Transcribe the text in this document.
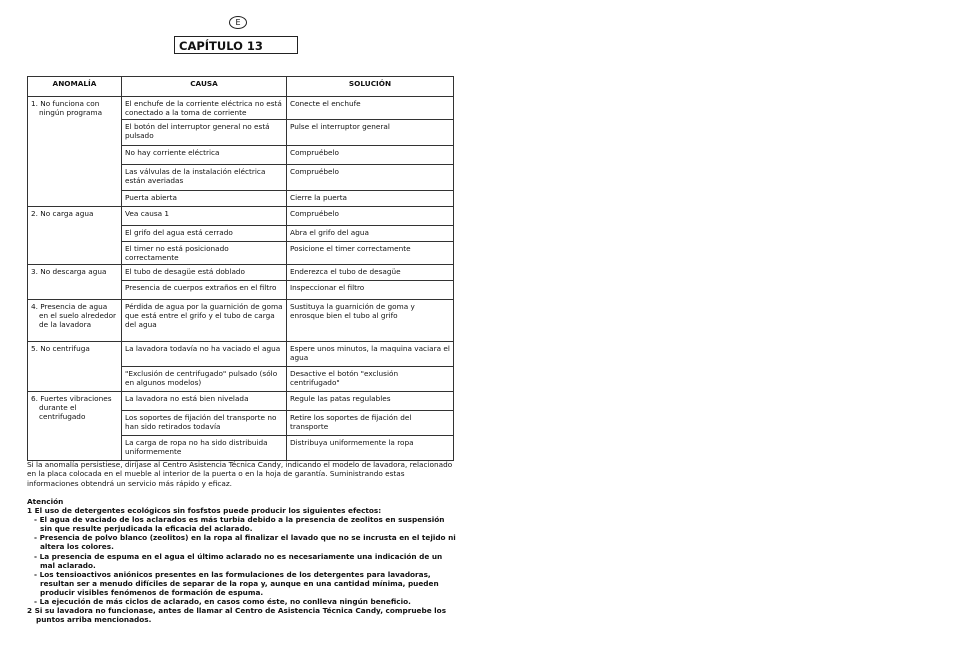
E
CAPÍTULO 13
ANOMALÍA	CAUSA	SOLUCIÓN

1. No funciona con ningún programa	El enchufe de la corriente eléctrica no está conectado a la toma de corriente	Conecte el enchufe
	El botón del interruptor general no está pulsado	Pulse el interruptor general
	No hay corriente eléctrica	Compruébelo
	Las válvulas de la instalación eléctrica están averiadas	Compruébelo
	Puerta abierta	Cierre la puerta

2. No carga agua	Vea causa 1	Compruébelo
	El grifo del agua está cerrado	Abra el grifo del agua
	El timer no está posicionado correctamente	Posicione el timer correctamente

3. No descarga agua	El tubo de desagüe está doblado	Enderezca el tubo de desagüe
	Presencia de cuerpos extraños en el filtro	Inspeccionar el filtro

4. Presencia de agua en el suelo alrededor de la lavadora	Pérdida de agua por la guarnición de goma que está entre el grifo y el tubo de carga del agua	Sustituya la guarnición de goma y enrosque bien el tubo al grifo

5. No centrifuga	La lavadora todavía no ha vaciado el agua	Espere unos minutos, la maquina vaciara el agua
	"Exclusión de centrifugado" pulsado (sólo en algunos modelos)	Desactive el botón "exclusión centrifugado"

6. Fuertes vibraciones durante el centrifugado	La lavadora no está bien nivelada	Regule las patas regulables
	Los soportes de fijación del transporte no han sido retirados todavía	Retire los soportes de fijación del transporte
	La carga de ropa no ha sido distribuida uniformemente	Distribuya uniformemente la ropa

Si la anomalía persistiese, diríjase al Centro Asistencia Técnica Candy, indicando el modelo de lavadora, relacionado en la placa colocada en el mueble al interior de la puerta o en la hoja de garantía. Suministrando estas informaciones obtendrá un servicio más rápido y eficaz.

Atención
1 El uso de detergentes ecológicos sin fosfstos puede producir los siguientes efectos:
- El agua de vaciado de los aclarados es más turbia debido a la presencia de zeolitos en suspensión sin que resulte perjudicada la eficacia del aclarado.
- Presencia de polvo blanco (zeolitos) en la ropa al finalizar el lavado que no se incrusta en el tejido ni altera los colores.
- La presencia de espuma en el agua el último aclarado no es necesariamente una indicación de un mal aclarado.
- Los tensioactivos aniónicos presentes en las formulaciones de los detergentes para lavadoras, resultan ser a menudo difíciles de separar de la ropa y, aunque en una cantidad mínima, pueden producir visibles fenómenos de formación de espuma.
- La ejecución de más ciclos de aclarado, en casos como éste, no conlleva ningún beneficio.
2 Si su lavadora no funcionase, antes de llamar al Centro de Asistencia Técnica Candy, compruebe los puntos arriba mencionados.
